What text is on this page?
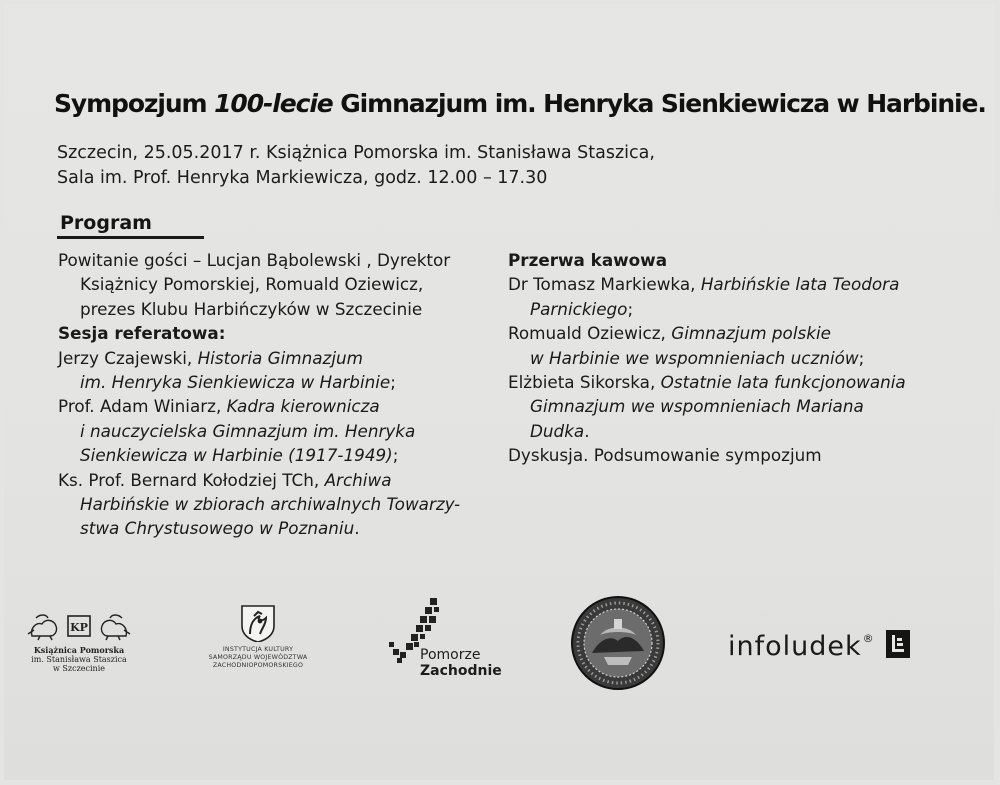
Sympozjum 100-lecie Gimnazjum im. Henryka Sienkiewicza w Harbinie.
Szczecin, 25.05.2017 r. Książnica Pomorska im. Stanisława Staszica,
Sala im. Prof. Henryka Markiewicza, godz. 12.00 – 17.30
Program
Powitanie gości – Lucjan Bąbolewski , Dyrektor
Książnicy Pomorskiej, Romuald Oziewicz,
prezes Klubu Harbińczyków w Szczecinie
Sesja referatowa:
Jerzy Czajewski, Historia Gimnazjum
im. Henryka Sienkiewicza w Harbinie;
Prof. Adam Winiarz, Kadra kierownicza
i nauczycielska Gimnazjum im. Henryka
Sienkiewicza w Harbinie (1917-1949);
Ks. Prof. Bernard Kołodziej TCh, Archiwa
Harbińskie w zbiorach archiwalnych Towarzy-
stwa Chrystusowego w Poznaniu.
Przerwa kawowa
Dr Tomasz Markiewka, Harbińskie lata Teodora
Parnickiego;
Romuald Oziewicz, Gimnazjum polskie
w Harbinie we wspomnieniach uczniów;
Elżbieta Sikorska, Ostatnie lata funkcjonowania
Gimnazjum we wspomnieniach Mariana
Dudka.
Dyskusja. Podsumowanie sympozjum
KP
Książnica Pomorska
im. Stanisława Staszica
w Szczecinie
INSTYTUCJA KULTURY
SAMORZĄDU WOJEWÓDZTWA
ZACHODNIOPOMORSKIEGO
Pomorze
Zachodnie
infoludek®
